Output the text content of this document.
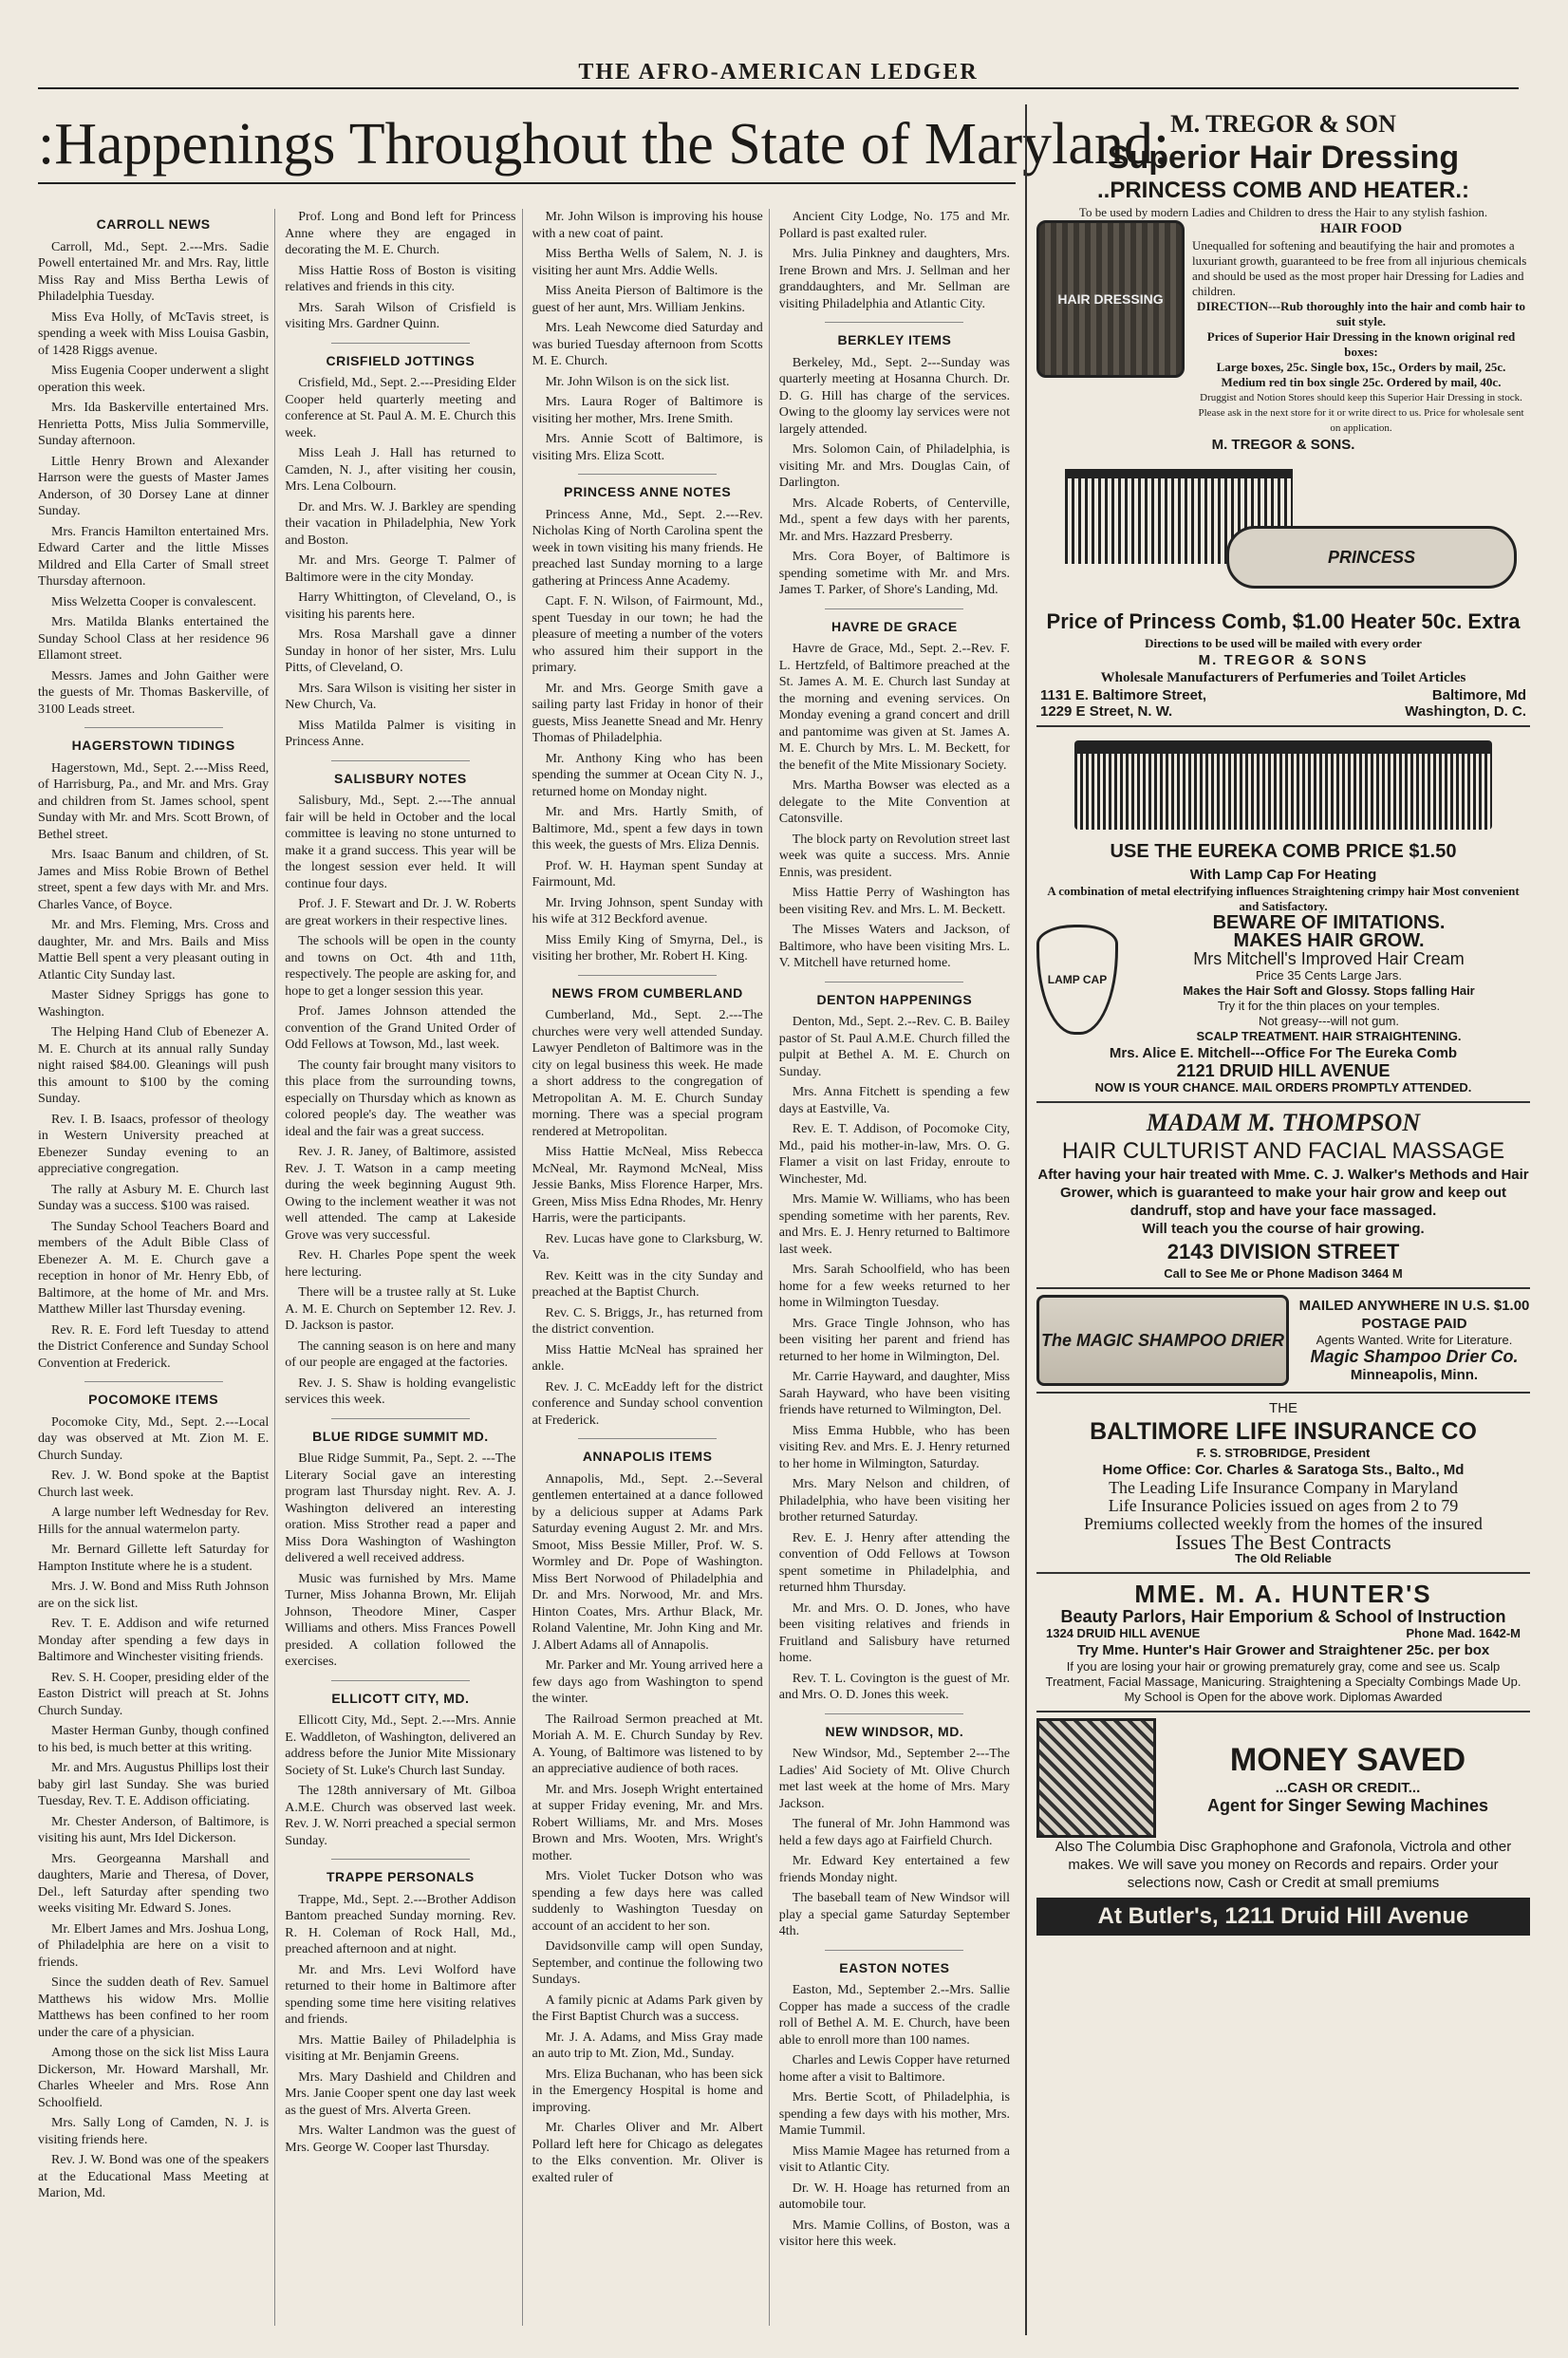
THE AFRO-AMERICAN LEDGER
:Happenings Throughout the State of Maryland:
CARROLL NEWS

Carroll, Md., Sept. 2.---Mrs. Sadie Powell entertained Mr. and Mrs. Ray, little Miss Ray and Miss Bertha Lewis of Philadelphia Tuesday.

Miss Eva Holly, of McTavis street, is spending a week with Miss Louisa Gasbin, of 1428 Riggs avenue.

Miss Eugenia Cooper underwent a slight operation this week.

Mrs. Ida Baskerville entertained Mrs. Henrietta Potts, Miss Julia Sommerville, Sunday afternoon.

Little Henry Brown and Alexander Harrson were the guests of Master James Anderson, of 30 Dorsey Lane at dinner Sunday.

Mrs. Francis Hamilton entertained Mrs. Edward Carter and the little Misses Mildred and Ella Carter of Small street Thursday afternoon.

Miss Welzetta Cooper is convalescent.

Mrs. Matilda Blanks entertained the Sunday School Class at her residence 96 Ellamont street.

Messrs. James and John Gaither were the guests of Mr. Thomas Baskerville, of 3100 Leads street.

HAGERSTOWN TIDINGS

Hagerstown, Md., Sept. 2.---Miss Reed, of Harrisburg, Pa., and Mr. and Mrs. Gray and children from St. James school, spent Sunday with Mr. and Mrs. Scott Brown, of Bethel street.

Mrs. Isaac Banum and children, of St. James and Miss Robie Brown of Bethel street, spent a few days with Mr. and Mrs. Charles Vance, of Boyce.

Mr. and Mrs. Fleming, Mrs. Cross and daughter, Mr. and Mrs. Bails and Miss Mattie Bell spent a very pleasant outing in Atlantic City Sunday last.

Master Sidney Spriggs has gone to Washington.

The Helping Hand Club of Ebenezer A. M. E. Church at its annual rally Sunday night raised $84.00. Gleanings will push this amount to $100 by the coming Sunday.

Rev. I. B. Isaacs, professor of theology in Western University preached at Ebenezer Sunday evening to an appreciative congregation.

The rally at Asbury M. E. Church last Sunday was a success. $100 was raised.

The Sunday School Teachers Board and members of the Adult Bible Class of Ebenezer A. M. E. Church gave a reception in honor of Mr. Henry Ebb, of Baltimore, at the home of Mr. and Mrs. Matthew Miller last Thursday evening.

Rev. R. E. Ford left Tuesday to attend the District Conference and Sunday School Convention at Frederick.

POCOMOKE ITEMS

Pocomoke City, Md., Sept. 2.---Local day was observed at Mt. Zion M. E. Church Sunday.

Rev. J. W. Bond spoke at the Baptist Church last week.

A large number left Wednesday for Rev. Hills for the annual watermelon party.

Mr. Bernard Gillette left Saturday for Hampton Institute where he is a student.

Mrs. J. W. Bond and Miss Ruth Johnson are on the sick list.

Rev. T. E. Addison and wife returned Monday after spending a few days in Baltimore and Winchester visiting friends.

Rev. S. H. Cooper, presiding elder of the Easton District will preach at St. Johns Church Sunday.

Master Herman Gunby, though confined to his bed, is much better at this writing.

Mr. and Mrs. Augustus Phillips lost their baby girl last Sunday. She was buried Tuesday, Rev. T. E. Addison officiating.

Mr. Chester Anderson, of Baltimore, is visiting his aunt, Mrs Idel Dickerson.

Mrs. Georgeanna Marshall and daughters, Marie and Theresa, of Dover, Del., left Saturday after spending two weeks visiting Mr. Edward S. Jones.

Mr. Elbert James and Mrs. Joshua Long, of Philadelphia are here on a visit to friends.

Since the sudden death of Rev. Samuel Matthews his widow Mrs. Mollie Matthews has been confined to her room under the care of a physician.

Among those on the sick list Miss Laura Dickerson, Mr. Howard Marshall, Mr. Charles Wheeler and Mrs. Rose Ann Schoolfield.

Mrs. Sally Long of Camden, N. J. is visiting friends here.

Rev. J. W. Bond was one of the speakers at the Educational Mass Meeting at Marion, Md.

Prof. Long and Bond left for Princess Anne where they are engaged in decorating the M. E. Church.

Miss Hattie Ross of Boston is visiting relatives and friends in this city.

Mrs. Sarah Wilson of Crisfield is visiting Mrs. Gardner Quinn.

CRISFIELD JOTTINGS

Crisfield, Md., Sept. 2.---Presiding Elder Cooper held quarterly meeting and conference at St. Paul A. M. E. Church this week.

Miss Leah J. Hall has returned to Camden, N. J., after visiting her cousin, Mrs. Lena Colbourn.

Dr. and Mrs. W. J. Barkley are spending their vacation in Philadelphia, New York and Boston.

Mr. and Mrs. George T. Palmer of Baltimore were in the city Monday.

Harry Whittington, of Cleveland, O., is visiting his parents here.

Mrs. Rosa Marshall gave a dinner Sunday in honor of her sister, Mrs. Lulu Pitts, of Cleveland, O.

Mrs. Sara Wilson is visiting her sister in New Church, Va.

Miss Matilda Palmer is visiting in Princess Anne.

SALISBURY NOTES

Salisbury, Md., Sept. 2.---The annual fair will be held in October and the local committee is leaving no stone unturned to make it a grand success. This year will be the longest session ever held. It will continue four days.

Prof. J. F. Stewart and Dr. J. W. Roberts are great workers in their respective lines.

The schools will be open in the county and towns on Oct. 4th and 11th, respectively. The people are asking for, and hope to get a longer session this year.

Prof. James Johnson attended the convention of the Grand United Order of Odd Fellows at Towson, Md., last week.

The county fair brought many visitors to this place from the surrounding towns, especially on Thursday which as known as colored people's day. The weather was ideal and the fair was a great success.

Rev. J. R. Janey, of Baltimore, assisted Rev. J. T. Watson in a camp meeting during the week beginning August 9th. Owing to the inclement weather it was not well attended. The camp at Lakeside Grove was very successful.

Rev. H. Charles Pope spent the week here lecturing.

There will be a trustee rally at St. Luke A. M. E. Church on September 12. Rev. J. D. Jackson is pastor.

The canning season is on here and many of our people are engaged at the factories.

Rev. J. S. Shaw is holding evangelistic services this week.

BLUE RIDGE SUMMIT MD.

Blue Ridge Summit, Pa., Sept. 2. ---The Literary Social gave an interesting program last Thursday night. Rev. A. J. Washington delivered an interesting oration. Miss Strother read a paper and Miss Dora Washington of Washington delivered a well received address.

Music was furnished by Mrs. Mame Turner, Miss Johanna Brown, Mr. Elijah Johnson, Theodore Miner, Casper Williams and others. Miss Frances Powell presided. A collation followed the exercises.

ELLICOTT CITY, MD.

Ellicott City, Md., Sept. 2.---Mrs. Annie E. Waddleton, of Washington, delivered an address before the Junior Mite Missionary Society of St. Luke's Church last Sunday.

The 128th anniversary of Mt. Gilboa A.M.E. Church was observed last week. Rev. J. W. Norri preached a special sermon Sunday.

TRAPPE PERSONALS

Trappe, Md., Sept. 2.---Brother Addison Bantom preached Sunday morning. Rev. R. H. Coleman of Rock Hall, Md., preached afternoon and at night.

Mr. and Mrs. Levi Wolford have returned to their home in Baltimore after spending some time here visiting relatives and friends.

Mrs. Mattie Bailey of Philadelphia is visiting at Mr. Benjamin Greens.

Mrs. Mary Dashield and Children and Mrs. Janie Cooper spent one day last week as the guest of Mrs. Alverta Green.

Mrs. Walter Landmon was the guest of Mrs. George W. Cooper last Thursday.

Mr. John Wilson is improving his house with a new coat of paint.

Miss Bertha Wells of Salem, N. J. is visiting her aunt Mrs. Addie Wells.

Miss Aneita Pierson of Baltimore is the guest of her aunt, Mrs. William Jenkins.

Mrs. Leah Newcome died Saturday and was buried Tuesday afternoon from Scotts M. E. Church.

Mr. John Wilson is on the sick list.

Mrs. Laura Roger of Baltimore is visiting her mother, Mrs. Irene Smith.

Mrs. Annie Scott of Baltimore, is visiting Mrs. Eliza Scott.

PRINCESS ANNE NOTES

Princess Anne, Md., Sept. 2.---Rev. Nicholas King of North Carolina spent the week in town visiting his many friends. He preached last Sunday morning to a large gathering at Princess Anne Academy.

Capt. F. N. Wilson, of Fairmount, Md., spent Tuesday in our town; he had the pleasure of meeting a number of the voters who assured him their support in the primary.

Mr. and Mrs. George Smith gave a sailing party last Friday in honor of their guests, Miss Jeanette Snead and Mr. Henry Thomas of Philadelphia.

Mr. Anthony King who has been spending the summer at Ocean City N. J., returned home on Monday night.

Mr. and Mrs. Hartly Smith, of Baltimore, Md., spent a few days in town this week, the guests of Mrs. Eliza Dennis.

Prof. W. H. Hayman spent Sunday at Fairmount, Md.

Mr. Irving Johnson, spent Sunday with his wife at 312 Beckford avenue.

Miss Emily King of Smyrna, Del., is visiting her brother, Mr. Robert H. King.

NEWS FROM CUMBERLAND

Cumberland, Md., Sept. 2.---The churches were very well attended Sunday. Lawyer Pendleton of Baltimore was in the city on legal business this week. He made a short address to the congregation of Metropolitan A. M. E. Church Sunday morning. There was a special program rendered at Metropolitan.

Miss Hattie McNeal, Miss Rebecca McNeal, Mr. Raymond McNeal, Miss Jessie Banks, Miss Florence Harper, Mrs. Green, Miss Miss Edna Rhodes, Mr. Henry Harris, were the participants.

Rev. Lucas have gone to Clarksburg, W. Va.

Rev. Keitt was in the city Sunday and preached at the Baptist Church.

Rev. C. S. Briggs, Jr., has returned from the district convention.

Miss Hattie McNeal has sprained her ankle.

Rev. J. C. McEaddy left for the district conference and Sunday school convention at Frederick.

ANNAPOLIS ITEMS

Annapolis, Md., Sept. 2.--Several gentlemen entertained at a dance followed by a delicious supper at Adams Park Saturday evening August 2. Mr. and Mrs. Smoot, Miss Bessie Miller, Prof. W. S. Wormley and Dr. Pope of Washington. Miss Bert Norwood of Philadelphia and Dr. and Mrs. Norwood, Mr. and Mrs. Hinton Coates, Mrs. Arthur Black, Mr. Roland Valentine, Mr. John King and Mr. J. Albert Adams all of Annapolis.

Mr. Parker and Mr. Young arrived here a few days ago from Washington to spend the winter.

The Railroad Sermon preached at Mt. Moriah A. M. E. Church Sunday by Rev. A. Young, of Baltimore was listened to by an appreciative audience of both races.

Mr. and Mrs. Joseph Wright entertained at supper Friday evening, Mr. and Mrs. Robert Williams, Mr. and Mrs. Moses Brown and Mrs. Wooten, Mrs. Wright's mother.

Mrs. Violet Tucker Dotson who was spending a few days here was called suddenly to Washington Tuesday on account of an accident to her son.

Davidsonville camp will open Sunday, September, and continue the following two Sundays.

A family picnic at Adams Park given by the First Baptist Church was a success.

Mr. J. A. Adams, and Miss Gray made an auto trip to Mt. Zion, Md., Sunday.

Mrs. Eliza Buchanan, who has been sick in the Emergency Hospital is home and improving.

Mr. Charles Oliver and Mr. Albert Pollard left here for Chicago as delegates to the Elks convention. Mr. Oliver is exalted ruler of

Ancient City Lodge, No. 175 and Mr. Pollard is past exalted ruler.

Mrs. Julia Pinkney and daughters, Mrs. Irene Brown and Mrs. J. Sellman and her granddaughters, and Mr. Sellman are visiting Philadelphia and Atlantic City.

BERKLEY ITEMS

Berkeley, Md., Sept. 2---Sunday was quarterly meeting at Hosanna Church. Dr. D. G. Hill has charge of the services. Owing to the gloomy lay services were not largely attended.

Mrs. Solomon Cain, of Philadelphia, is visiting Mr. and Mrs. Douglas Cain, of Darlington.

Mrs. Alcade Roberts, of Centerville, Md., spent a few days with her parents, Mr. and Mrs. Hazzard Presberry.

Mrs. Cora Boyer, of Baltimore is spending sometime with Mr. and Mrs. James T. Parker, of Shore's Landing, Md.

HAVRE DE GRACE

Havre de Grace, Md., Sept. 2.--Rev. F. L. Hertzfeld, of Baltimore preached at the St. James A. M. E. Church last Sunday at the morning and evening services. On Monday evening a grand concert and drill and pantomime was given at St. James A. M. E. Church by Mrs. L. M. Beckett, for the benefit of the Mite Missionary Society.

Mrs. Martha Bowser was elected as a delegate to the Mite Convention at Catonsville.

The block party on Revolution street last week was quite a success. Mrs. Annie Ennis, was president.

Miss Hattie Perry of Washington has been visiting Rev. and Mrs. L. M. Beckett.

The Misses Waters and Jackson, of Baltimore, who have been visiting Mrs. L. V. Mitchell have returned home.

DENTON HAPPENINGS

Denton, Md., Sept. 2.--Rev. C. B. Bailey pastor of St. Paul A.M.E. Church filled the pulpit at Bethel A. M. E. Church on Sunday.

Mrs. Anna Fitchett is spending a few days at Eastville, Va.

Rev. E. T. Addison, of Pocomoke City, Md., paid his mother-in-law, Mrs. O. G. Flamer a visit on last Friday, enroute to Winchester, Md.

Mrs. Mamie W. Williams, who has been spending sometime with her parents, Rev. and Mrs. E. J. Henry returned to Baltimore last week.

Mrs. Sarah Schoolfield, who has been home for a few weeks returned to her home in Wilmington Tuesday.

Mrs. Grace Tingle Johnson, who has been visiting her parent and friend has returned to her home in Wilmington, Del.

Mr. Carrie Hayward, and daughter, Miss Sarah Hayward, who have been visiting friends have returned to Wilmington, Del.

Miss Emma Hubble, who has been visiting Rev. and Mrs. E. J. Henry returned to her home in Wilmington, Saturday.

Mrs. Mary Nelson and children, of Philadelphia, who have been visiting her brother returned Saturday.

Rev. E. J. Henry after attending the convention of Odd Fellows at Towson spent sometime in Philadelphia, and returned hhm Thursday.

Mr. and Mrs. O. D. Jones, who have been visiting relatives and friends in Fruitland and Salisbury have returned home.

Rev. T. L. Covington is the guest of Mr. and Mrs. O. D. Jones this week.

NEW WINDSOR, MD.

New Windsor, Md., September 2---The Ladies' Aid Society of Mt. Olive Church met last week at the home of Mrs. Mary Jackson.

The funeral of Mr. John Hammond was held a few days ago at Fairfield Church.

Mr. Edward Key entertained a few friends Monday night.

The baseball team of New Windsor will play a special game Saturday September 4th.

EASTON NOTES

Easton, Md., September 2.--Mrs. Sallie Copper has made a success of the cradle roll of Bethel A. M. E. Church, have been able to enroll more than 100 names.

Charles and Lewis Copper have returned home after a visit to Baltimore.

Mrs. Bertie Scott, of Philadelphia, is spending a few days with his mother, Mrs. Mamie Tummil.

Miss Mamie Magee has returned from a visit to Atlantic City.

Dr. W. H. Hoage has returned from an automobile tour.

Mrs. Mamie Collins, of Boston, was a visitor here this week.

M. TREGOR & SON
Superior Hair Dressing
..PRINCESS COMB AND HEATER.:
To be used by modern Ladies and Children to dress the Hair to any stylish fashion.
HAIR DRESSING
HAIR FOOD
Unequalled for softening and beautifying the hair and promotes a luxuriant growth, guaranteed to be free from all injurious chemicals and should be used as the most proper hair Dressing for Ladies and children.
DIRECTION---Rub thoroughly into the hair and comb hair to suit style.
Prices of Superior Hair Dressing in the known original red boxes:
Large boxes, 25c. Single box, 15c., Orders by mail, 25c.
Medium red tin box single 25c. Ordered by mail, 40c.
Druggist and Notion Stores should keep this Superior Hair Dressing in stock. Please ask in the next store for it or write direct to us. Price for wholesale sent on application.
M. TREGOR & SONS.
PRINCESS
Price of Princess Comb, $1.00 Heater 50c. Extra
Directions to be used will be mailed with every order
M. TREGOR & SONS
Wholesale Manufacturers of Perfumeries and Toilet Articles
1131 E. Baltimore Street,	Baltimore, Md
1229 E Street, N. W.	Washington, D. C.
USE THE EUREKA COMB PRICE $1.50
With Lamp Cap For Heating
A combination of metal electrifying influences Straightening crimpy hair Most convenient and Satisfactory.
LAMP CAP
BEWARE OF IMITATIONS.
MAKES HAIR GROW.
Mrs Mitchell's Improved Hair Cream
Price 35 Cents Large Jars.
Makes the Hair Soft and Glossy. Stops falling Hair
Try it for the thin places on your temples.
Not greasy---will not gum.
SCALP TREATMENT. HAIR STRAIGHTENING.
Mrs. Alice E. Mitchell---Office For The Eureka Comb
2121 DRUID HILL AVENUE
NOW IS YOUR CHANCE. MAIL ORDERS PROMPTLY ATTENDED.
MADAM M. THOMPSON
HAIR CULTURIST AND FACIAL MASSAGE
After having your hair treated with Mme. C. J. Walker's Methods and Hair Grower, which is guaranteed to make your hair grow and keep out dandruff, stop and have your face massaged.
Will teach you the course of hair growing.
2143 DIVISION STREET
Call to See Me or Phone Madison 3464 M
The MAGIC SHAMPOO DRIER
MAILED ANYWHERE IN U.S. $1.00 POSTAGE PAID
Agents Wanted. Write for Literature.
Magic Shampoo Drier Co.
Minneapolis, Minn.
THE
BALTIMORE LIFE INSURANCE CO
F. S. STROBRIDGE, President
Home Office: Cor. Charles & Saratoga Sts., Balto., Md
The Leading Life Insurance Company in Maryland
Life Insurance Policies issued on ages from 2 to 79
Premiums collected weekly from the homes of the insured
Issues The Best Contracts
The Old Reliable
MME. M. A. HUNTER'S
Beauty Parlors, Hair Emporium & School of Instruction
1324 DRUID HILL AVENUE	Phone Mad. 1642-M
Try Mme. Hunter's Hair Grower and Straightener 25c. per box
If you are losing your hair or growing prematurely gray, come and see us. Scalp Treatment, Facial Massage, Manicuring. Straightening a Specialty Combings Made Up. My School is Open for the above work. Diplomas Awarded
MONEY SAVED
...CASH OR CREDIT...
Agent for Singer Sewing Machines
Also The Columbia Disc Graphophone and Grafonola, Victrola and other makes. We will save you money on Records and repairs. Order your selections now, Cash or Credit at small premiums
At Butler's, 1211 Druid Hill Avenue
